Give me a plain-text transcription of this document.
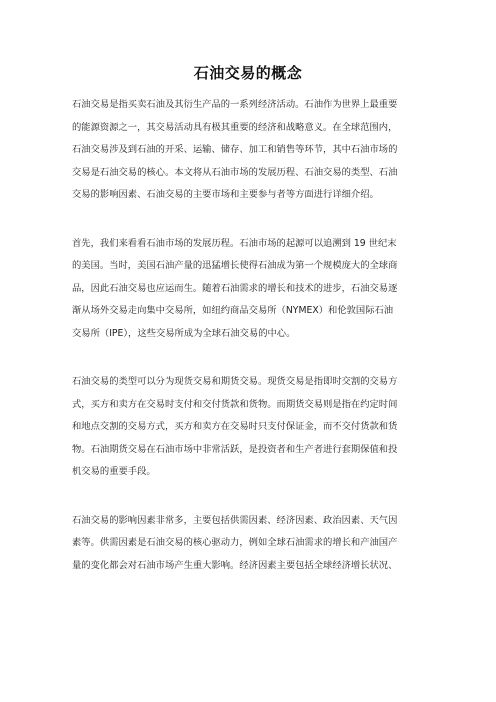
石油交易的概念
石油交易是指买卖石油及其衍生产品的一系列经济活动。石油作为世界上最重要
的能源资源之一，其交易活动具有极其重要的经济和战略意义。在全球范围内，
石油交易涉及到石油的开采、运输、储存、加工和销售等环节，其中石油市场的
交易是石油交易的核心。本文将从石油市场的发展历程、石油交易的类型、石油
交易的影响因素、石油交易的主要市场和主要参与者等方面进行详细介绍。
首先，我们来看看石油市场的发展历程。石油市场的起源可以追溯到 19 世纪末
的美国。当时，美国石油产量的迅猛增长使得石油成为第一个规模庞大的全球商
品，因此石油交易也应运而生。随着石油需求的增长和技术的进步，石油交易逐
渐从场外交易走向集中交易所，如纽约商品交易所（NYMEX）和伦敦国际石油
交易所（IPE），这些交易所成为全球石油交易的中心。
石油交易的类型可以分为现货交易和期货交易。现货交易是指即时交割的交易方
式，买方和卖方在交易时支付和交付货款和货物。而期货交易则是指在约定时间
和地点交割的交易方式，买方和卖方在交易时只支付保证金，而不交付货款和货
物。石油期货交易在石油市场中非常活跃，是投资者和生产者进行套期保值和投
机交易的重要手段。
石油交易的影响因素非常多，主要包括供需因素、经济因素、政治因素、天气因
素等。供需因素是石油交易的核心驱动力，例如全球石油需求的增长和产油国产
量的变化都会对石油市场产生重大影响。经济因素主要包括全球经济增长状况、
